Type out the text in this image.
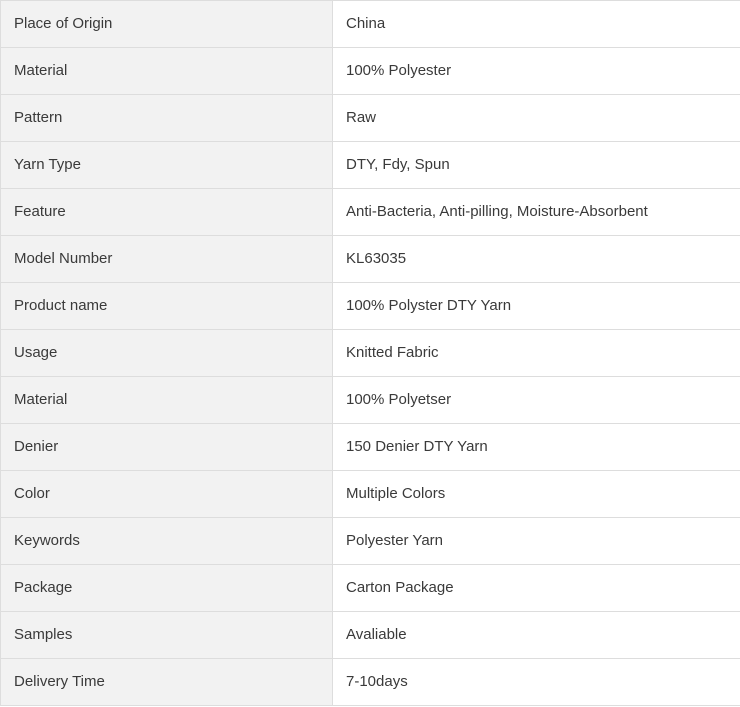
Place of Origin	China
Material	100% Polyester
Pattern	Raw
Yarn Type	DTY, Fdy, Spun
Feature	Anti-Bacteria, Anti-pilling, Moisture-Absorbent
Model Number	KL63035
Product name	100% Polyster DTY Yarn
Usage	Knitted Fabric
Material	100% Polyetser
Denier	150 Denier DTY Yarn
Color	Multiple Colors
Keywords	Polyester Yarn
Package	Carton Package
Samples	Avaliable
Delivery Time	7-10days
